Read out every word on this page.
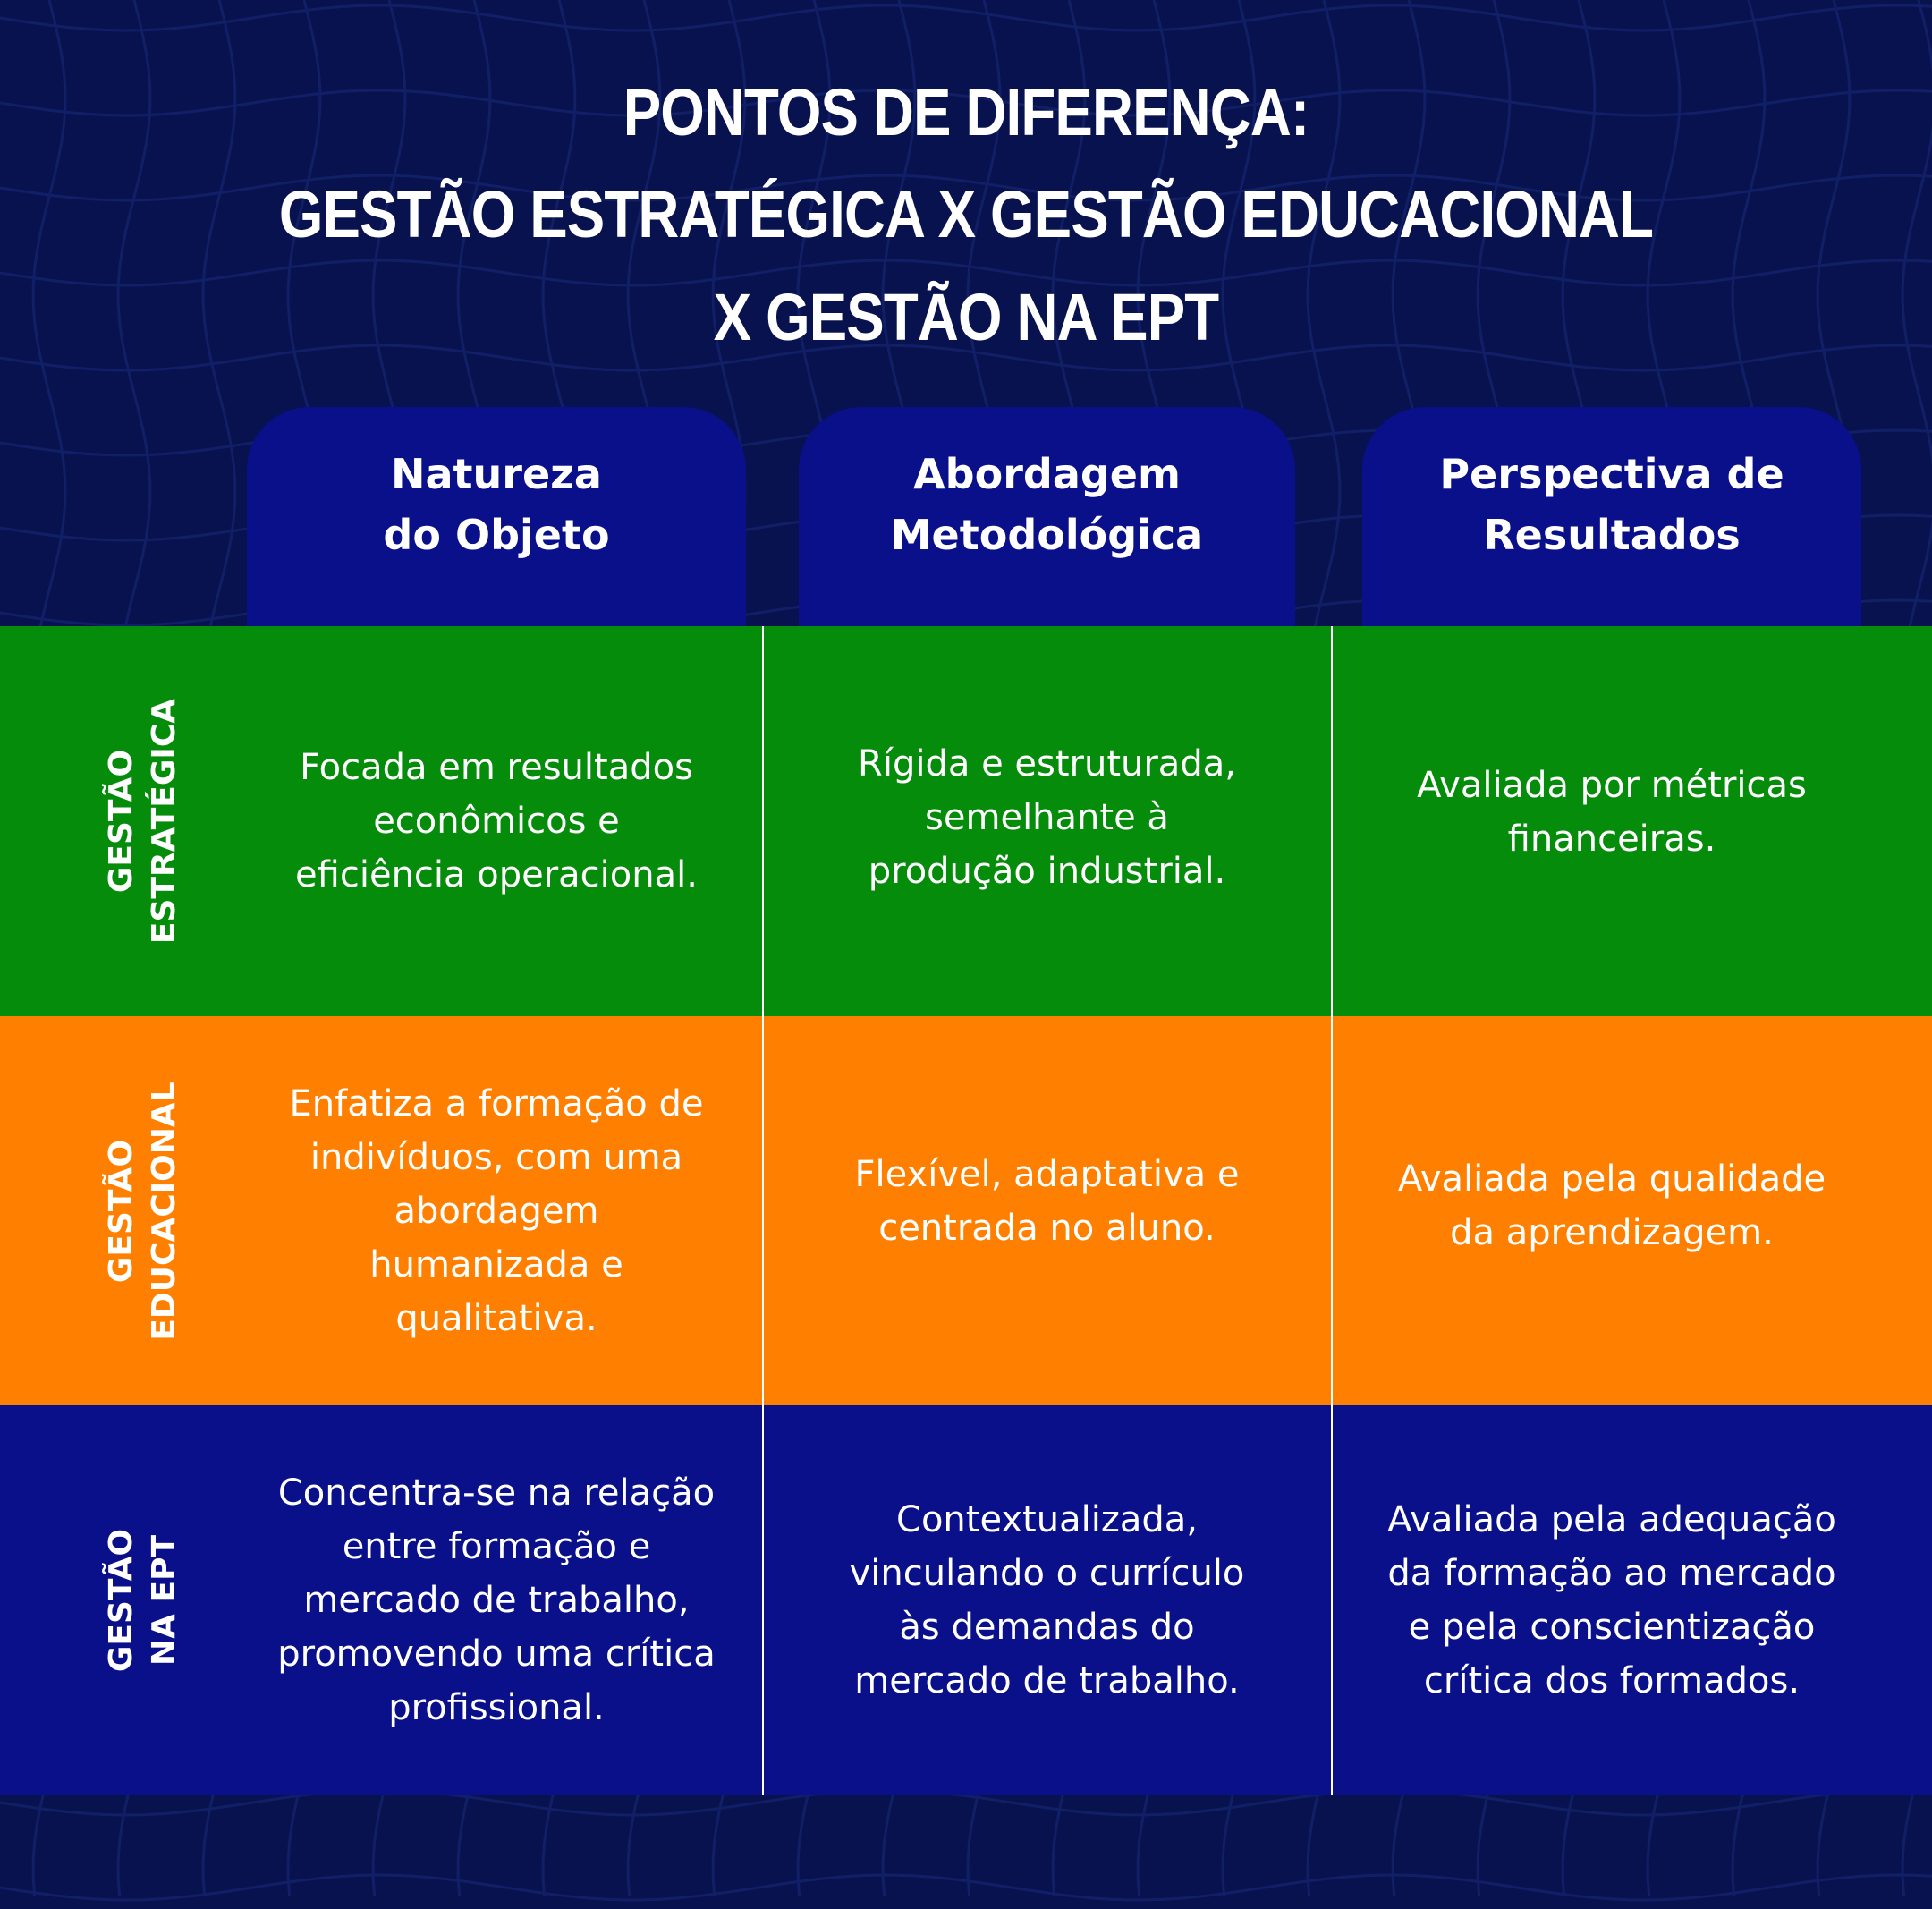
PONTOS DE DIFERENÇA:
GESTÃO ESTRATÉGICA X GESTÃO EDUCACIONAL
X GESTÃO NA EPT
Natureza
do Objeto
Abordagem
Metodológica
Perspectiva de
Resultados
GESTÃO ESTRATÉGICA	Focada em resultados
econômicos e
eficiência operacional.
Rígida e estruturada,
semelhante à
produção industrial.
Avaliada por métricas
financeiras.
GESTÃO EDUCACIONAL	Enfatiza a formação de
indivíduos, com uma
abordagem
humanizada e
qualitativa.
Flexível, adaptativa e
centrada no aluno.
Avaliada pela qualidade
da aprendizagem.
GESTÃO NA EPT
Concentra-se na relação
entre formação e
mercado de trabalho,
promovendo uma crítica
profissional.
Contextualizada,
vinculando o currículo
às demandas do
mercado de trabalho.
Avaliada pela adequação
da formação ao mercado
e pela conscientização
crítica dos formados.
